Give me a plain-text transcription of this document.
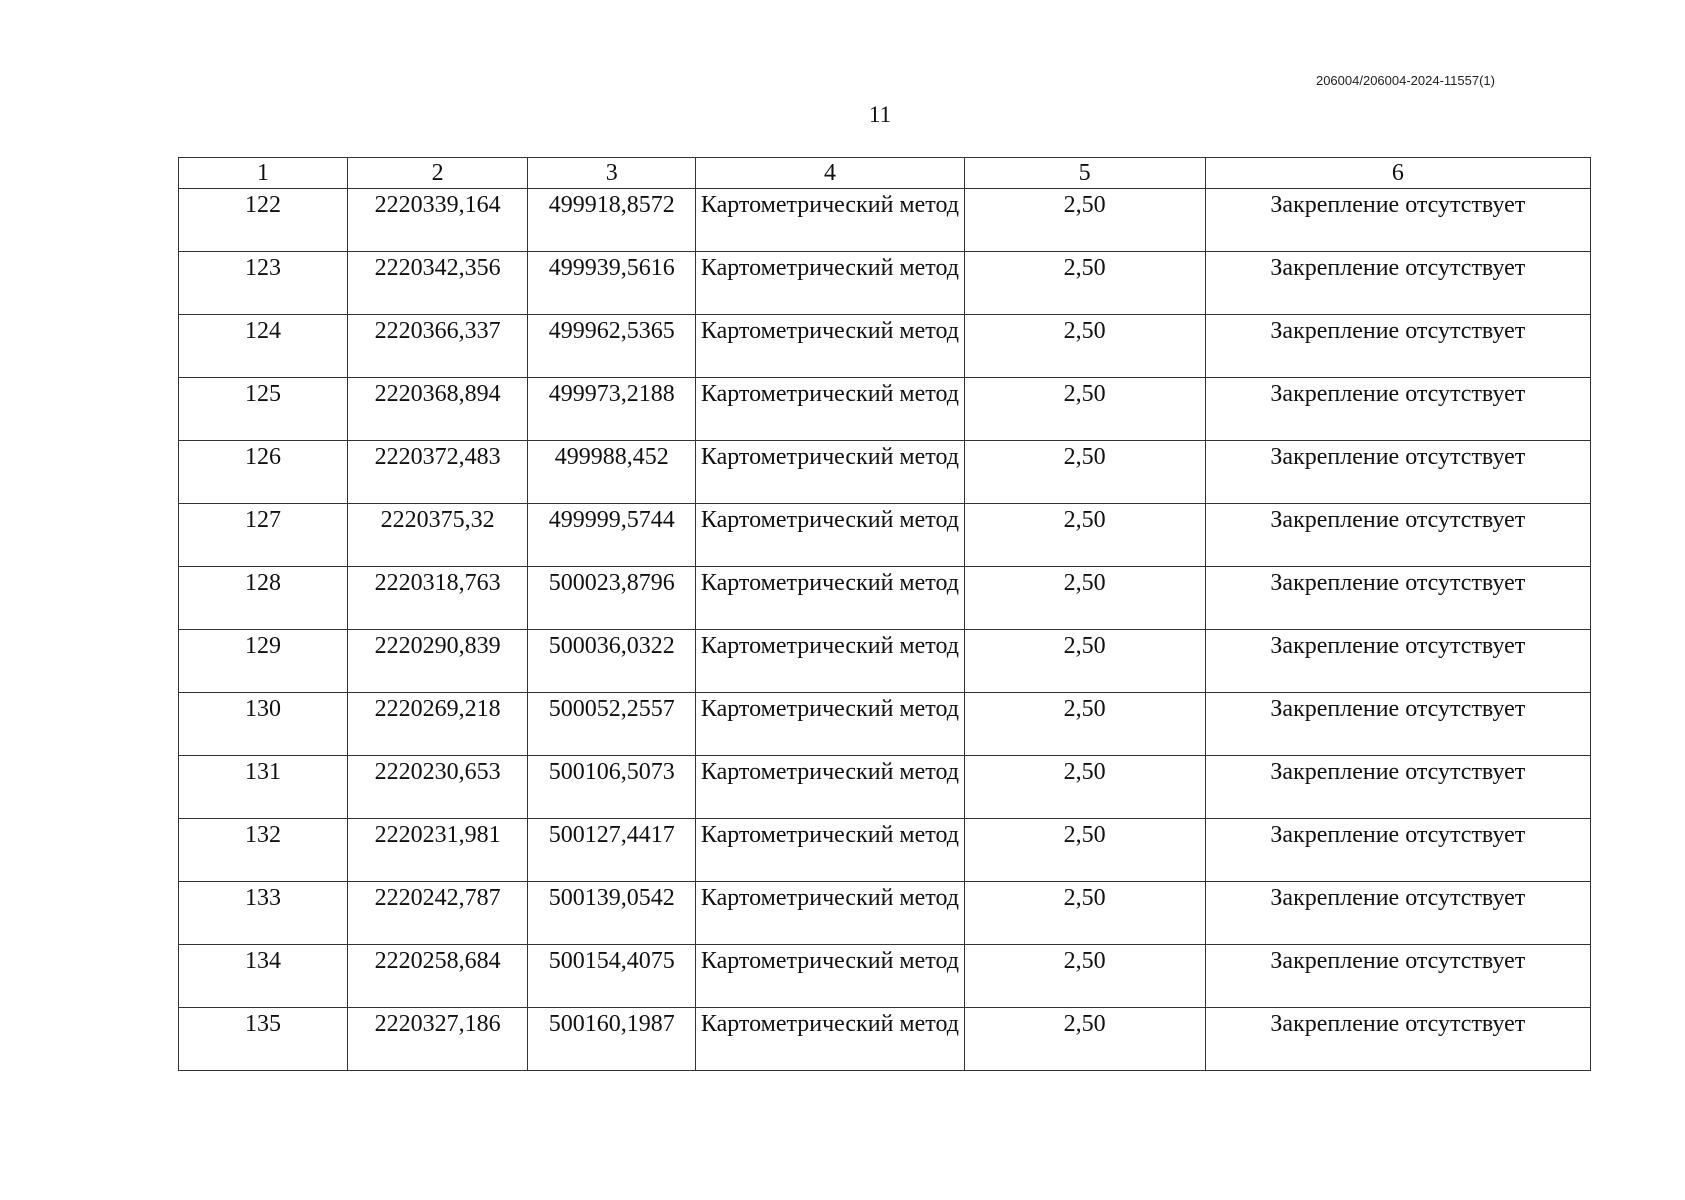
206004/206004-2024-11557(1)
11
1	2	3	4	5	6
122	2220339,164	499918,8572	Картометрический метод	2,50	Закрепление отсутствует
123	2220342,356	499939,5616	Картометрический метод	2,50	Закрепление отсутствует
124	2220366,337	499962,5365	Картометрический метод	2,50	Закрепление отсутствует
125	2220368,894	499973,2188	Картометрический метод	2,50	Закрепление отсутствует
126	2220372,483	499988,452	Картометрический метод	2,50	Закрепление отсутствует
127	2220375,32	499999,5744	Картометрический метод	2,50	Закрепление отсутствует
128	2220318,763	500023,8796	Картометрический метод	2,50	Закрепление отсутствует
129	2220290,839	500036,0322	Картометрический метод	2,50	Закрепление отсутствует
130	2220269,218	500052,2557	Картометрический метод	2,50	Закрепление отсутствует
131	2220230,653	500106,5073	Картометрический метод	2,50	Закрепление отсутствует
132	2220231,981	500127,4417	Картометрический метод	2,50	Закрепление отсутствует
133	2220242,787	500139,0542	Картометрический метод	2,50	Закрепление отсутствует
134	2220258,684	500154,4075	Картометрический метод	2,50	Закрепление отсутствует
135	2220327,186	500160,1987	Картометрический метод	2,50	Закрепление отсутствует
